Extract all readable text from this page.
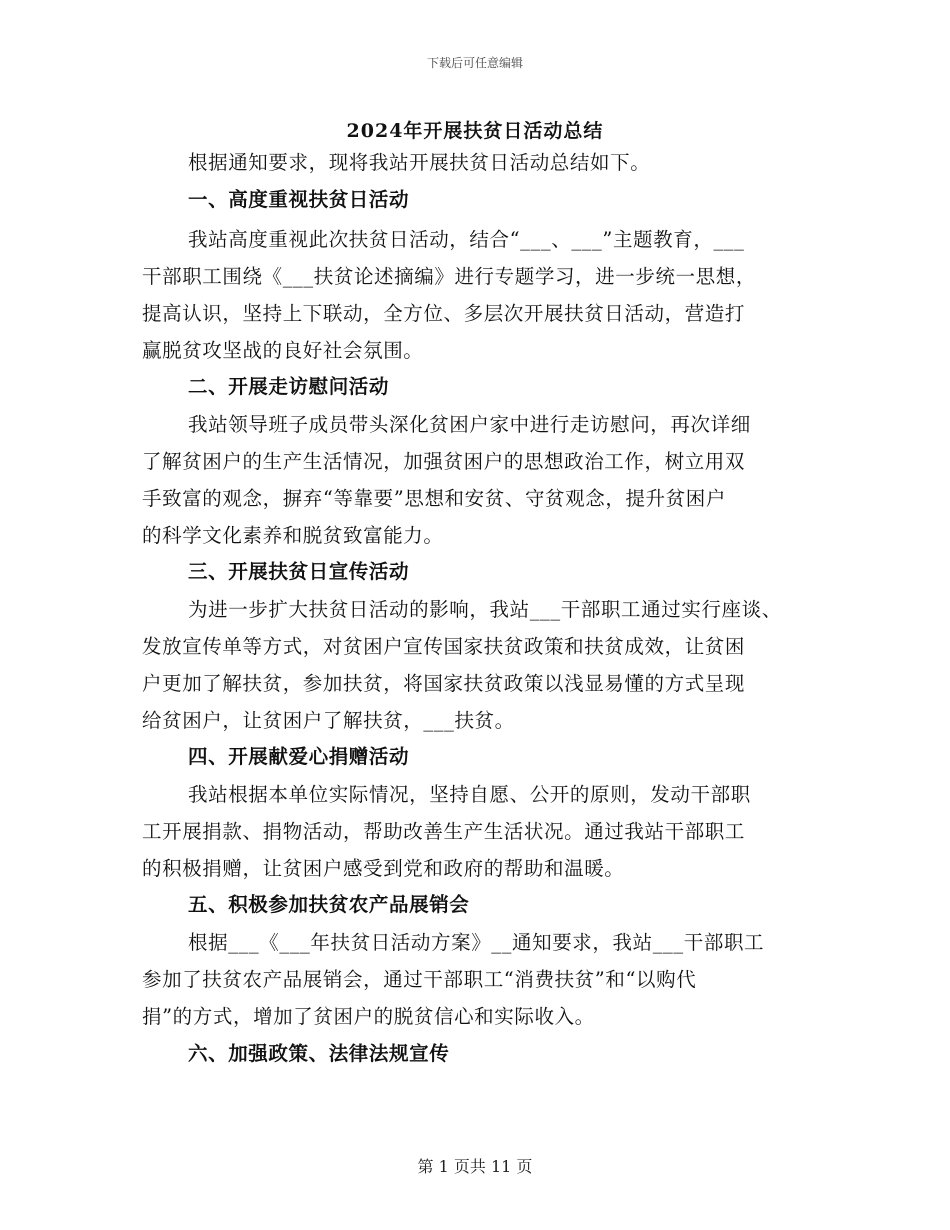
下载后可任意编辑
2024年开展扶贫日活动总结
根据通知要求，现将我站开展扶贫日活动总结如下。
一、高度重视扶贫日活动
我站高度重视此次扶贫日活动，结合“___、___”主题教育，___
干部职工围绕《___扶贫论述摘编》进行专题学习，进一步统一思想，
提高认识，坚持上下联动，全方位、多层次开展扶贫日活动，营造打
赢脱贫攻坚战的良好社会氛围。
二、开展走访慰问活动
我站领导班子成员带头深化贫困户家中进行走访慰问，再次详细
了解贫困户的生产生活情况，加强贫困户的思想政治工作，树立用双
手致富的观念，摒弃“等靠要”思想和安贫、守贫观念，提升贫困户
的科学文化素养和脱贫致富能力。
三、开展扶贫日宣传活动
为进一步扩大扶贫日活动的影响，我站___干部职工通过实行座谈、
发放宣传单等方式，对贫困户宣传国家扶贫政策和扶贫成效，让贫困
户更加了解扶贫，参加扶贫，将国家扶贫政策以浅显易懂的方式呈现
给贫困户，让贫困户了解扶贫，___扶贫。
四、开展献爱心捐赠活动
我站根据本单位实际情况，坚持自愿、公开的原则，发动干部职
工开展捐款、捐物活动，帮助改善生产生活状况。通过我站干部职工
的积极捐赠，让贫困户感受到党和政府的帮助和温暖。
五、积极参加扶贫农产品展销会
根据___《___年扶贫日活动方案》__通知要求，我站___干部职工
参加了扶贫农产品展销会，通过干部职工“消费扶贫”和“以购代
捐”的方式，增加了贫困户的脱贫信心和实际收入。
六、加强政策、法律法规宣传
第 1 页共 11 页
